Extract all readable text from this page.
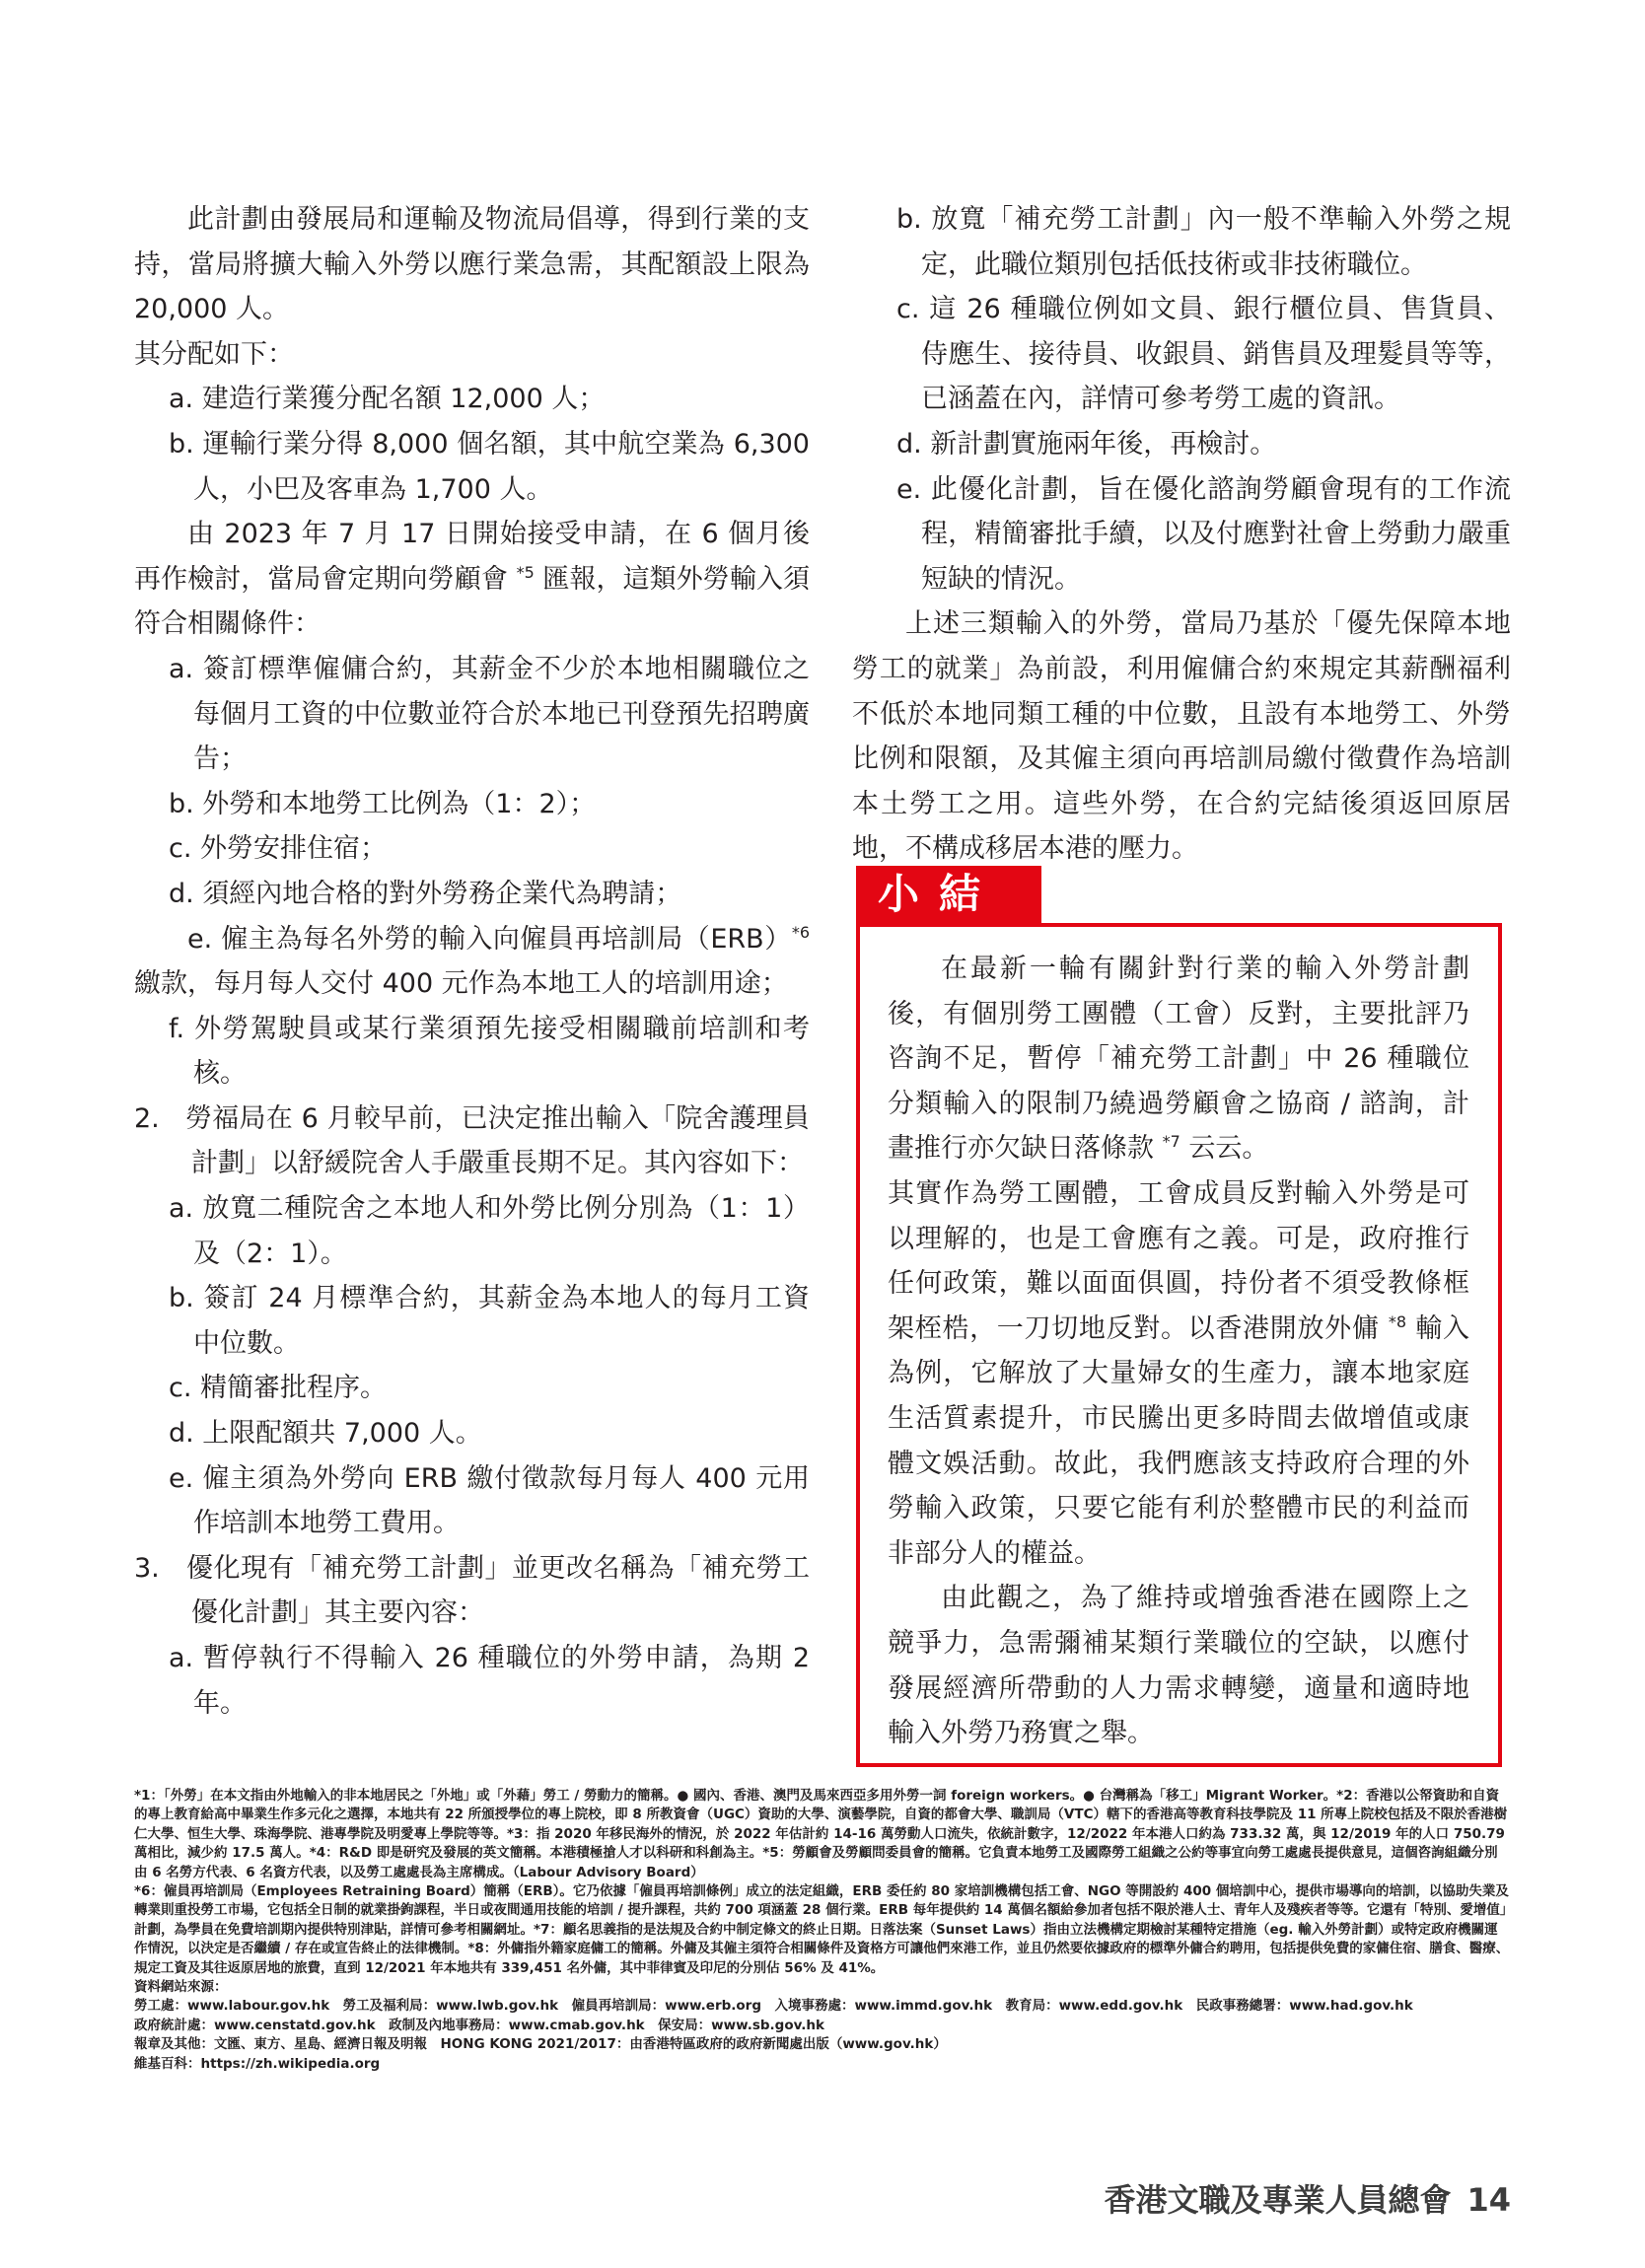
此計劃由發展局和運輸及物流局倡導，得到行業的支持，當局將擴大輸入外勞以應行業急需，其配額設上限為 20,000 人。

其分配如下：

a. 建造行業獲分配名額 12,000 人；

b. 運輸行業分得 8,000 個名額，其中航空業為 6,300 人，小巴及客車為 1,700 人。

由 2023 年 7 月 17 日開始接受申請，在 6 個月後再作檢討，當局會定期向勞顧會 $^{*5}$ 匯報，這類外勞輸入須符合相關條件：

a. 簽訂標準僱傭合約，其薪金不少於本地相關職位之每個月工資的中位數並符合於本地已刊登預先招聘廣告；

b. 外勞和本地勞工比例為（1：2）；

c. 外勞安排住宿；

d. 須經內地合格的對外勞務企業代為聘請；

e. 僱主為每名外勞的輸入向僱員再培訓局（ERB）$^{*6}$ 繳款，每月每人交付 400 元作為本地工人的培訓用途；

f. 外勞駕駛員或某行業須預先接受相關職前培訓和考核。

2.   勞福局在 6 月較早前，已決定推出輸入「院舍護理員計劃」以舒緩院舍人手嚴重長期不足。其內容如下：

a. 放寬二種院舍之本地人和外勞比例分別為（1：1）及（2：1）。

b. 簽訂 24 月標準合約，其薪金為本地人的每月工資中位數。

c. 精簡審批程序。

d. 上限配額共 7,000 人。

e. 僱主須為外勞向 ERB 繳付徵款每月每人 400 元用作培訓本地勞工費用。

3.   優化現有「補充勞工計劃」並更改名稱為「補充勞工優化計劃」其主要內容：

a. 暫停執行不得輸入 26 種職位的外勞申請，為期 2 年。

b. 放寬「補充勞工計劃」內一般不準輸入外勞之規定，此職位類別包括低技術或非技術職位。

c. 這 26 種職位例如文員、銀行櫃位員、售貨員、侍應生、接待員、收銀員、銷售員及理髮員等等，已涵蓋在內，詳情可參考勞工處的資訊。

d. 新計劃實施兩年後，再檢討。

e. 此優化計劃，旨在優化諮詢勞顧會現有的工作流程，精簡審批手續，以及付應對社會上勞動力嚴重短缺的情況。

上述三類輸入的外勞，當局乃基於「優先保障本地勞工的就業」為前設，利用僱傭合約來規定其薪酬福利不低於本地同類工種的中位數，且設有本地勞工、外勞比例和限額，及其僱主須向再培訓局繳付徵費作為培訓本土勞工之用。這些外勞，在合約完結後須返回原居地，不構成移居本港的壓力。

小結

在最新一輪有關針對行業的輸入外勞計劃後，有個別勞工團體（工會）反對，主要批評乃咨詢不足，暫停「補充勞工計劃」中 26 種職位分類輸入的限制乃繞過勞顧會之協商 / 諮詢，計畫推行亦欠缺日落條款 $^{*7}$ 云云。

其實作為勞工團體，工會成員反對輸入外勞是可以理解的，也是工會應有之義。可是，政府推行任何政策，難以面面俱圓，持份者不須受教條框架桎梏，一刀切地反對。以香港開放外傭 $^{*8}$ 輸入為例，它解放了大量婦女的生產力，讓本地家庭生活質素提升，市民騰出更多時間去做增值或康體文娛活動。故此，我們應該支持政府合理的外勞輸入政策，只要它能有利於整體市民的利益而非部分人的權益。

由此觀之，為了維持或增強香港在國際上之競爭力，急需彌補某類行業職位的空缺，以應付發展經濟所帶動的人力需求轉變，適量和適時地輸入外勞乃務實之舉。

*1：「外勞」在本文指由外地輸入的非本地居民之「外地」或「外藉」勞工 / 勞動力的簡稱。● 國內、香港、澳門及馬來西亞多用外勞一詞 foreign workers。● 台灣稱為「移工」Migrant Worker。*2：香港以公帑資助和自資的專上教育給高中畢業生作多元化之選擇，本地共有 22 所頒授學位的專上院校，即 8 所教資會（UGC）資助的大學、演藝學院，自資的都會大學、職訓局（VTC）轄下的香港高等教育科技學院及 11 所專上院校包括及不限於香港樹仁大學、恒生大學、珠海學院、港專學院及明愛專上學院等等。*3：指 2020 年移民海外的情況，於 2022 年估計約 14-16 萬勞動人口流失，依統計數字，12/2022 年本港人口約為 733.32 萬，與 12/2019 年的人口 750.79 萬相比，減少約 17.5 萬人。*4：R&D 即是研究及發展的英文簡稱。本港積極搶人才以科研和科創為主。*5：勞顧會及勞顧問委員會的簡稱。它負責本地勞工及國際勞工組織之公約等事宜向勞工處處長提供意見，這個咨詢組織分別由 6 名勞方代表、6 名資方代表，以及勞工處處長為主席構成。（Labour Advisory Board）

*6：僱員再培訓局（Employees Retraining Board）簡稱（ERB）。它乃依據「僱員再培訓條例」成立的法定組織，ERB 委任約 80 家培訓機構包括工會、NGO 等開設約 400 個培訓中心，提供市場導向的培訓，以協助失業及轉業則重投勞工市場，它包括全日制的就業掛鉤課程，半日或夜間通用技能的培訓 / 提升課程，共約 700 項涵蓋 28 個行業。ERB 每年提供約 14 萬個名額給參加者包括不限於港人士、青年人及殘疾者等等。它還有「特別、愛增值」計劃，為學員在免費培訓期內提供特別津貼，詳情可參考相關網址。*7：顧名思義指的是法規及合約中制定條文的終止日期。日落法案（Sunset Laws）指由立法機構定期檢討某種特定措施（eg. 輸入外勞計劃）或特定政府機關運作情況，以決定是否繼續 / 存在或宣告終止的法律機制。*8：外傭指外籍家庭傭工的簡稱。外傭及其僱主須符合相關條件及資格方可讓他們來港工作，並且仍然要依據政府的標準外傭合約聘用，包括提供免費的家傭住宿、膳食、醫療、規定工資及其往返原居地的旅費，直到 12/2021 年本地共有 339,451 名外傭，其中菲律賓及印尼的分別佔 56% 及 41%。

資料網站來源：

勞工處：www.labour.gov.hk　勞工及福利局：www.lwb.gov.hk　僱員再培訓局：www.erb.org　入境事務處：www.immd.gov.hk　教育局：www.edd.gov.hk　民政事務總署：www.had.gov.hk

政府統計處：www.censtatd.gov.hk　政制及內地事務局：www.cmab.gov.hk　保安局：www.sb.gov.hk

報章及其他：文匯、東方、星島、經濟日報及明報　HONG KONG 2021/2017：由香港特區政府的政府新聞處出版（www.gov.hk）

維基百科：https://zh.wikipedia.org

香港文職及專業人員總會 14
